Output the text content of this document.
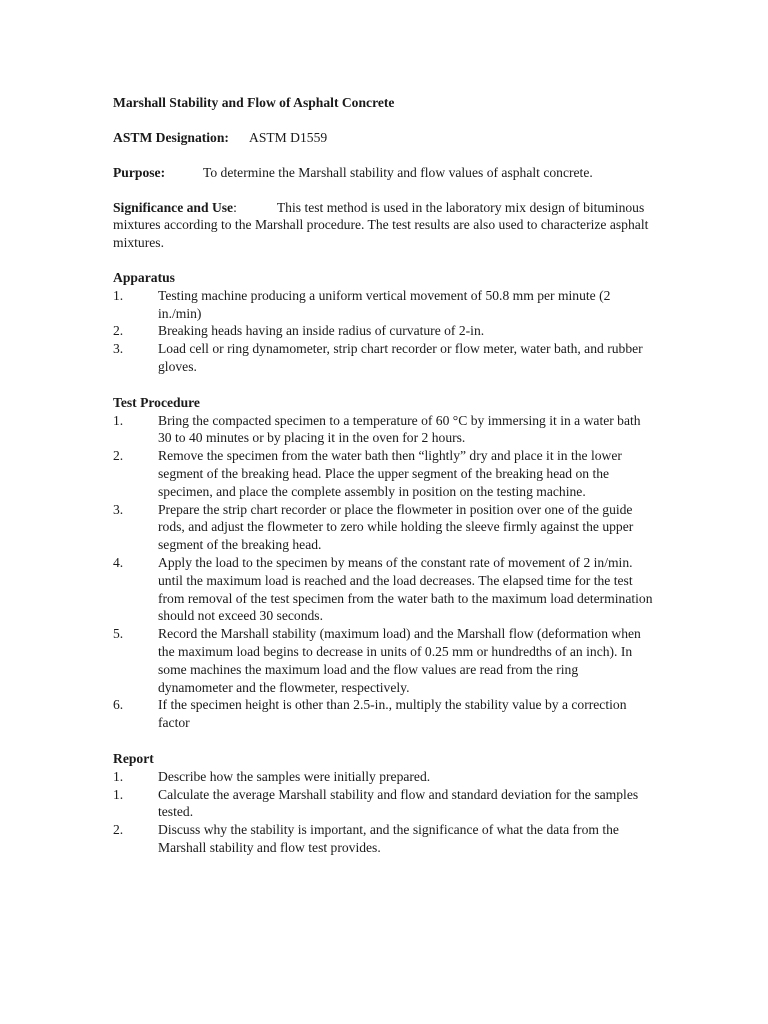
Marshall Stability and Flow of Asphalt Concrete

ASTM Designation: ASTM D1559

Purpose:	To determine the Marshall stability and flow values of asphalt concrete.

Significance and Use:	This test method is used in the laboratory mix design of bituminous mixtures according to the Marshall procedure. The test results are also used to characterize asphalt mixtures.

Apparatus

1.	Testing machine producing a uniform vertical movement of 50.8 mm per minute (2 in./min)
2.	Breaking heads having an inside radius of curvature of 2-in.
3.	Load cell or ring dynamometer, strip chart recorder or flow meter, water bath, and rubber gloves.

Test Procedure

1.	Bring the compacted specimen to a temperature of 60 °C by immersing it in a water bath 30 to 40 minutes or by placing it in the oven for 2 hours.
2.	Remove the specimen from the water bath then “lightly” dry and place it in the lower segment of the breaking head. Place the upper segment of the breaking head on the specimen, and place the complete assembly in position on the testing machine.
3.	Prepare the strip chart recorder or place the flowmeter in position over one of the guide rods, and adjust the flowmeter to zero while holding the sleeve firmly against the upper segment of the breaking head.
4.	Apply the load to the specimen by means of the constant rate of movement of 2 in/min. until the maximum load is reached and the load decreases. The elapsed time for the test from removal of the test specimen from the water bath to the maximum load determination should not exceed 30 seconds.
5.	Record the Marshall stability (maximum load) and the Marshall flow (deformation when the maximum load begins to decrease in units of 0.25 mm or hundredths of an inch). In some machines the maximum load and the flow values are read from the ring dynamometer and the flowmeter, respectively.
6.	If the specimen height is other than 2.5-in., multiply the stability value by a correction factor

Report

1.	Describe how the samples were initially prepared.
1.	Calculate the average Marshall stability and flow and standard deviation for the samples tested.
2.	Discuss why the stability is important, and the significance of what the data from the Marshall stability and flow test provides.
